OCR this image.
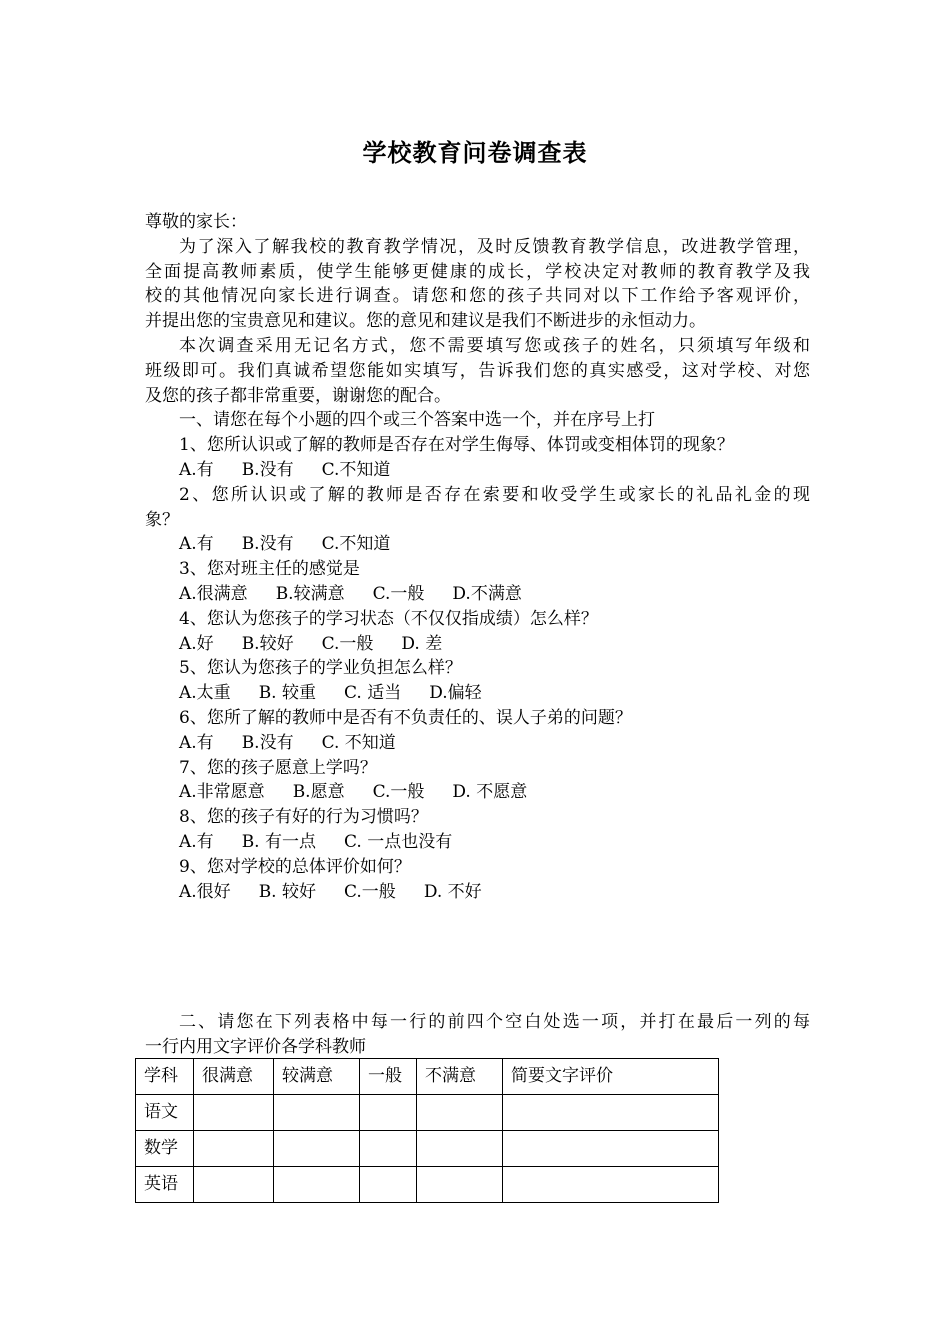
学校教育问卷调查表
尊敬的家长：
为了深入了解我校的教育教学情况，及时反馈教育教学信息，改进教学管理，
全面提高教师素质，使学生能够更健康的成长，学校决定对教师的教育教学及我
校的其他情况向家长进行调查。请您和您的孩子共同对以下工作给予客观评价，
并提出您的宝贵意见和建议。您的意见和建议是我们不断进步的永恒动力。
本次调查采用无记名方式，您不需要填写您或孩子的姓名，只须填写年级和
班级即可。我们真诚希望您能如实填写，告诉我们您的真实感受，这对学校、对您
及您的孩子都非常重要，谢谢您的配合。
一、请您在每个小题的四个或三个答案中选一个，并在序号上打
1、您所认识或了解的教师是否存在对学生侮辱、体罚或变相体罚的现象？
A.有 B.没有 C.不知道
2、您所认识或了解的教师是否存在索要和收受学生或家长的礼品礼金的现
象？
A.有 B.没有 C.不知道
3、您对班主任的感觉是
A.很满意 B.较满意 C.一般 D.不满意
4、您认为您孩子的学习状态（不仅仅指成绩）怎么样？
A.好 B.较好 C.一般 D. 差
5、您认为您孩子的学业负担怎么样？
A.太重 B. 较重 C. 适当 D.偏轻
6、您所了解的教师中是否有不负责任的、误人子弟的问题？
A.有 B.没有 C. 不知道
7、您的孩子愿意上学吗？
A.非常愿意 B.愿意 C.一般 D. 不愿意
8、您的孩子有好的行为习惯吗？
A.有 B. 有一点 C. 一点也没有
9、您对学校的总体评价如何？
A.很好 B. 较好 C.一般 D. 不好
二、请您在下列表格中每一行的前四个空白处选一项，并打在最后一列的每
一行内用文字评价各学科教师
学科	很满意	较满意	一般	不满意	简要文字评价
语文					
数学					
英语					
